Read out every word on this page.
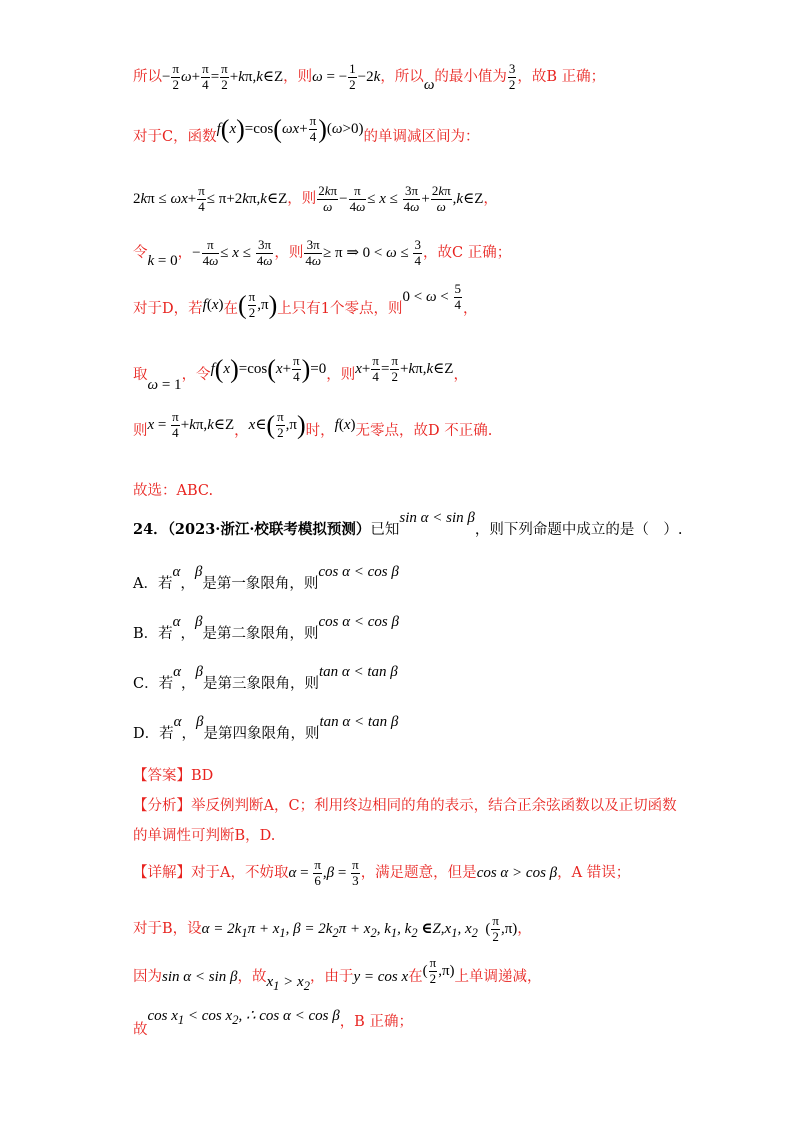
所以− $\frac{\pi}{2} \omega+ \frac{\pi}{4} = \frac{\pi}{2}$ +kπ,k∈Z，则ω = − $\frac{1}{2} -2k$，所以ω的最小值为 $\frac{3}{2}$ ，故B 正确；
对于C，函数$f(x)=\cos(\omega x+ \frac{\pi}{4} )(\omega>0)$的单调减区间为：
$2k\pi \le \omega x+ \frac{\pi}{4}$ ≤ π+2kπ,k∈Z，则 $\frac{2k\pi}{\omega} - \frac{\pi}{4\omega} \le x \le \frac{3\pi}{4\omega} + \frac{2k\pi}{\omega}$ ,k∈Z，
令k = 0，− $\frac{\pi}{4\omega} \le x \le \frac{3\pi}{4\omega}$ ，则 $\frac{3\pi}{4\omega} \ge \pi$ ⇒ $0 < \omega \le \frac{3}{4}$ ，故C 正确；
对于D，若f(x)在( $\frac{\pi}{2} ,\pi$)上只有1个零点，则$0 < \omega < \frac{5}{4}$ ，
取ω = 1，令$f(x)=\cos(x+ \frac{\pi}{4} )=0$，则$x+ \frac{\pi}{4} = \frac{\pi}{2}$ +kπ,k∈Z，
则$x = \frac{\pi}{4}$ +kπ,k∈Z，x∈( $\frac{\pi}{2} ,\pi$)时，f(x)无零点，故D 不正确.
故选：ABC.
24．（2023·浙江·校联考模拟预测）已知sin α < sin β，则下列命题中成立的是（　）.
A．若α，β是第一象限角，则cos α < cos β
B．若α，β是第二象限角，则cos α < cos β
C．若α，β是第三象限角，则tan α < tan β
D．若α，β是第四象限角，则tan α < tan β
【答案】BD
【分析】举反例判断A，C；利用终边相同的角的表示，结合正余弦函数以及正切函数
的单调性可判断B，D.
【详解】对于A，不妨取$\alpha = \frac{\pi}{6} ,\beta = \frac{\pi}{3}$ ，满足题意，但是cos α > cos β，A 错误；
对于B，设$\alpha = 2k_1\pi + x_1$, $\beta = 2k_2\pi + x_2$, $k_1$, $k_2$ $\in Z,x_1$, $x_2$  ( $\frac{\pi}{2} ,\pi$)，
因为sin α < sin β，故$x_1 > x_2$，由于y = cos x在( $\frac{\pi}{2} ,\pi$)上单调递减，
故$\cos x_1 < \cos x_2$, ∴ cos α < cos β，B 正确；
